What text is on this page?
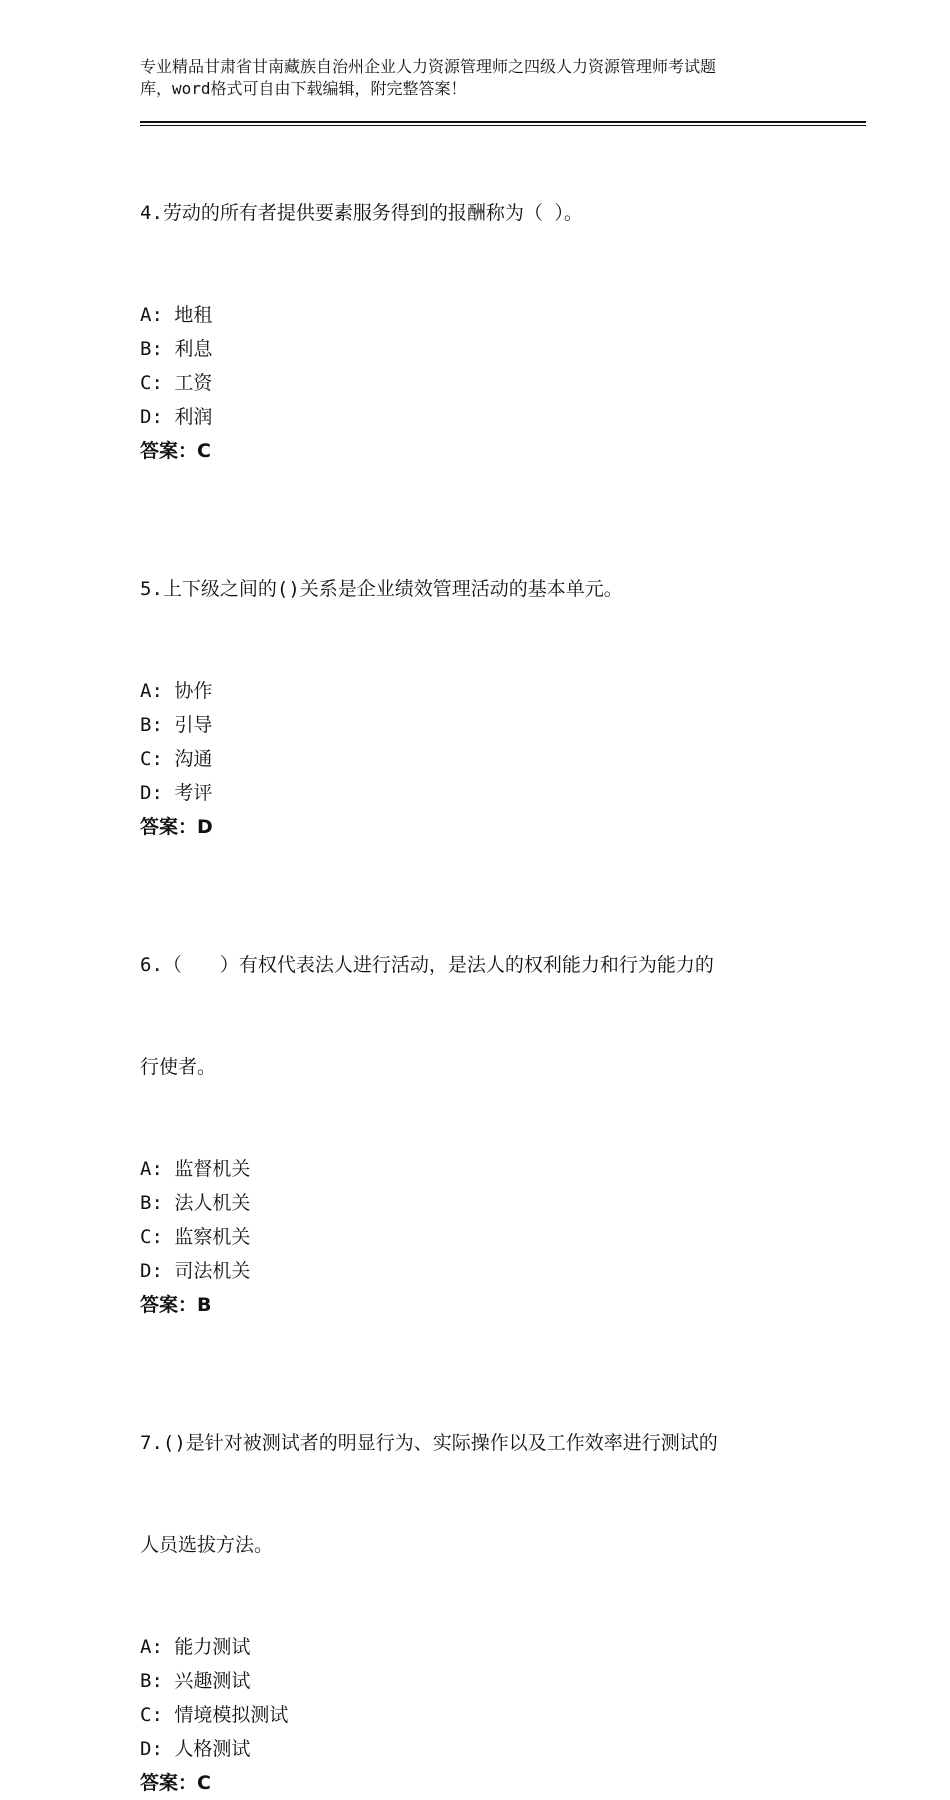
专业精品甘肃省甘南藏族自治州企业人力资源管理师之四级人力资源管理师考试题
库，word格式可自由下载编辑，附完整答案！

4.劳动的所有者提供要素服务得到的报酬称为（ ）。

A: 地租
B: 利息
C: 工资
D: 利润
答案：C

5.上下级之间的()关系是企业绩效管理活动的基本单元。

A: 协作
B: 引导
C: 沟通
D: 考评
答案：D

6.（　　）有权代表法人进行活动，是法人的权利能力和行为能力的

行使者。

A: 监督机关
B: 法人机关
C: 监察机关
D: 司法机关
答案：B

7.()是针对被测试者的明显行为、实际操作以及工作效率进行测试的

人员选拔方法。

A: 能力测试
B: 兴趣测试
C: 情境模拟测试
D: 人格测试
答案：C
